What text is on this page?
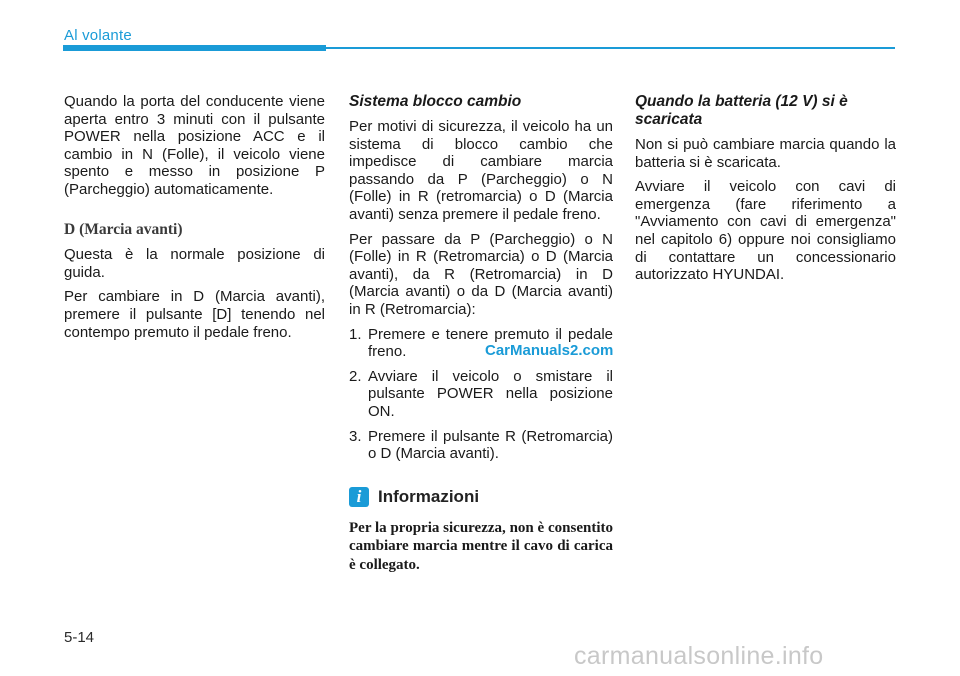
Al volante

Quando la porta del conducente viene aperta entro 3 minuti con il pulsante POWER nella posizione ACC e il cambio in N (Folle), il veicolo viene spento e messo in posizione P (Parcheggio) automaticamente.

D (Marcia avanti)

Questa è la normale posizione di guida.

Per cambiare in D (Marcia avanti), premere il pulsante [D] tenendo nel contempo premuto il pedale freno.

Sistema blocco cambio

Per motivi di sicurezza, il veicolo ha un sistema di blocco cambio che impedisce di cambiare marcia passando da P (Parcheggio) o N (Folle) in R (retromarcia) o D (Marcia avanti) senza premere il pedale freno.

Per passare da P (Parcheggio) o N (Folle) in R (Retromarcia) o D (Marcia avanti), da R (Retromarcia) in D (Marcia avanti) o da D (Marcia avanti) in R (Retromarcia):

1. Premere e tenere premuto il pedale freno.
2. Avviare il veicolo o smistare il pulsante POWER nella posizione ON.
3. Premere il pulsante R (Retromarcia) o D (Marcia avanti).
i Informazioni

Per la propria sicurezza, non è consentito cambiare marcia mentre il cavo di carica è collegato.

Quando la batteria (12 V) si è scaricata

Non si può cambiare marcia quando la batteria si è scaricata.

Avviare il veicolo con cavi di emergenza (fare riferimento a "Avviamento con cavi di emergenza" nel capitolo 6) oppure noi consigliamo di contattare un concessionario autorizzato HYUNDAI.

CarManuals2.com
5-14
carmanualsonline.info
